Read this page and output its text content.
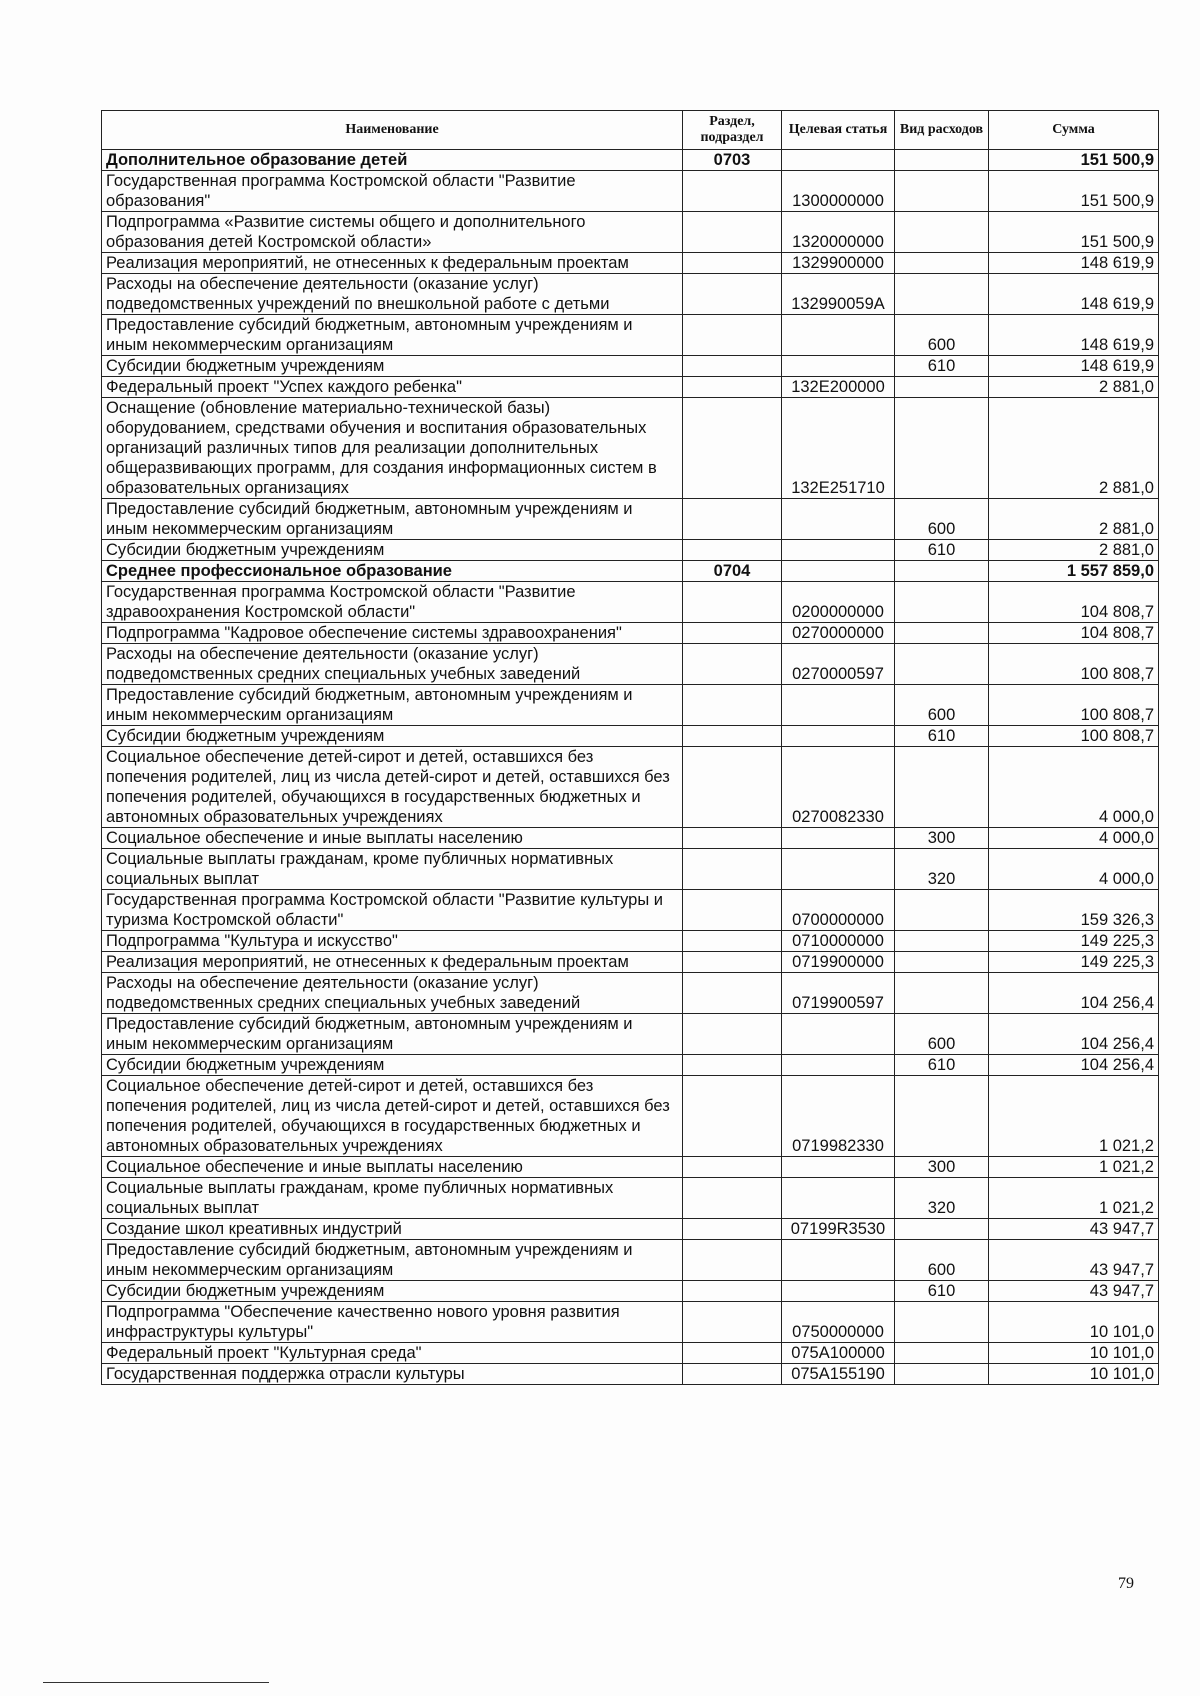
Наименование	Раздел, подраздел	Целевая статья	Вид расходов	Сумма
Дополнительное образование детей	0703			151 500,9
Государственная программа Костромской области "Развитие образования"		1300000000		151 500,9
Подпрограмма «Развитие системы общего и дополнительного образования детей Костромской области»		1320000000		151 500,9
Реализация мероприятий, не отнесенных к федеральным проектам		1329900000		148 619,9
Расходы на обеспечение деятельности (оказание услуг) подведомственных учреждений по внешкольной работе с детьми		132990059А		148 619,9
Предоставление субсидий бюджетным, автономным учреждениям и иным некоммерческим организациям			600	148 619,9
Субсидии бюджетным учреждениям			610	148 619,9
Федеральный проект "Успех каждого ребенка"		132Е200000		2 881,0
Оснащение (обновление материально-технической базы) оборудованием, средствами обучения и воспитания образовательных организаций различных типов для реализации дополнительных общеразвивающих программ, для создания информационных систем в образовательных организациях		132Е251710		2 881,0
Предоставление субсидий бюджетным, автономным учреждениям и иным некоммерческим организациям			600	2 881,0
Субсидии бюджетным учреждениям			610	2 881,0
Среднее профессиональное образование	0704			1 557 859,0
Государственная программа Костромской области "Развитие здравоохранения Костромской области"		0200000000		104 808,7
Подпрограмма "Кадровое обеспечение системы здравоохранения"		0270000000		104 808,7
Расходы на обеспечение деятельности (оказание услуг) подведомственных средних специальных учебных заведений		0270000597		100 808,7
Предоставление субсидий бюджетным, автономным учреждениям и иным некоммерческим организациям			600	100 808,7
Субсидии бюджетным учреждениям			610	100 808,7
Социальное обеспечение детей-сирот и детей, оставшихся без попечения родителей, лиц из числа детей-сирот и детей, оставшихся без попечения родителей, обучающихся в государственных бюджетных и автономных образовательных учреждениях		0270082330		4 000,0
Социальное обеспечение и иные выплаты населению			300	4 000,0
Социальные выплаты гражданам, кроме публичных нормативных социальных выплат			320	4 000,0
Государственная программа Костромской области "Развитие культуры и туризма Костромской области"		0700000000		159 326,3
Подпрограмма "Культура и искусство"		0710000000		149 225,3
Реализация мероприятий, не отнесенных к федеральным проектам		0719900000		149 225,3
Расходы на обеспечение деятельности (оказание услуг) подведомственных средних специальных учебных заведений		0719900597		104 256,4
Предоставление субсидий бюджетным, автономным учреждениям и иным некоммерческим организациям			600	104 256,4
Субсидии бюджетным учреждениям			610	104 256,4
Социальное обеспечение детей-сирот и детей, оставшихся без попечения родителей, лиц из числа детей-сирот и детей, оставшихся без попечения родителей, обучающихся в государственных бюджетных и автономных образовательных учреждениях		0719982330		1 021,2
Социальное обеспечение и иные выплаты населению			300	1 021,2
Социальные выплаты гражданам, кроме публичных нормативных социальных выплат			320	1 021,2
Создание школ креативных индустрий		07199R3530		43 947,7
Предоставление субсидий бюджетным, автономным учреждениям и иным некоммерческим организациям			600	43 947,7
Субсидии бюджетным учреждениям			610	43 947,7
Подпрограмма "Обеспечение качественно нового уровня развития инфраструктуры культуры"		0750000000		10 101,0
Федеральный проект "Культурная среда"		075А100000		10 101,0
Государственная поддержка отрасли культуры		075А155190		10 101,0
79
